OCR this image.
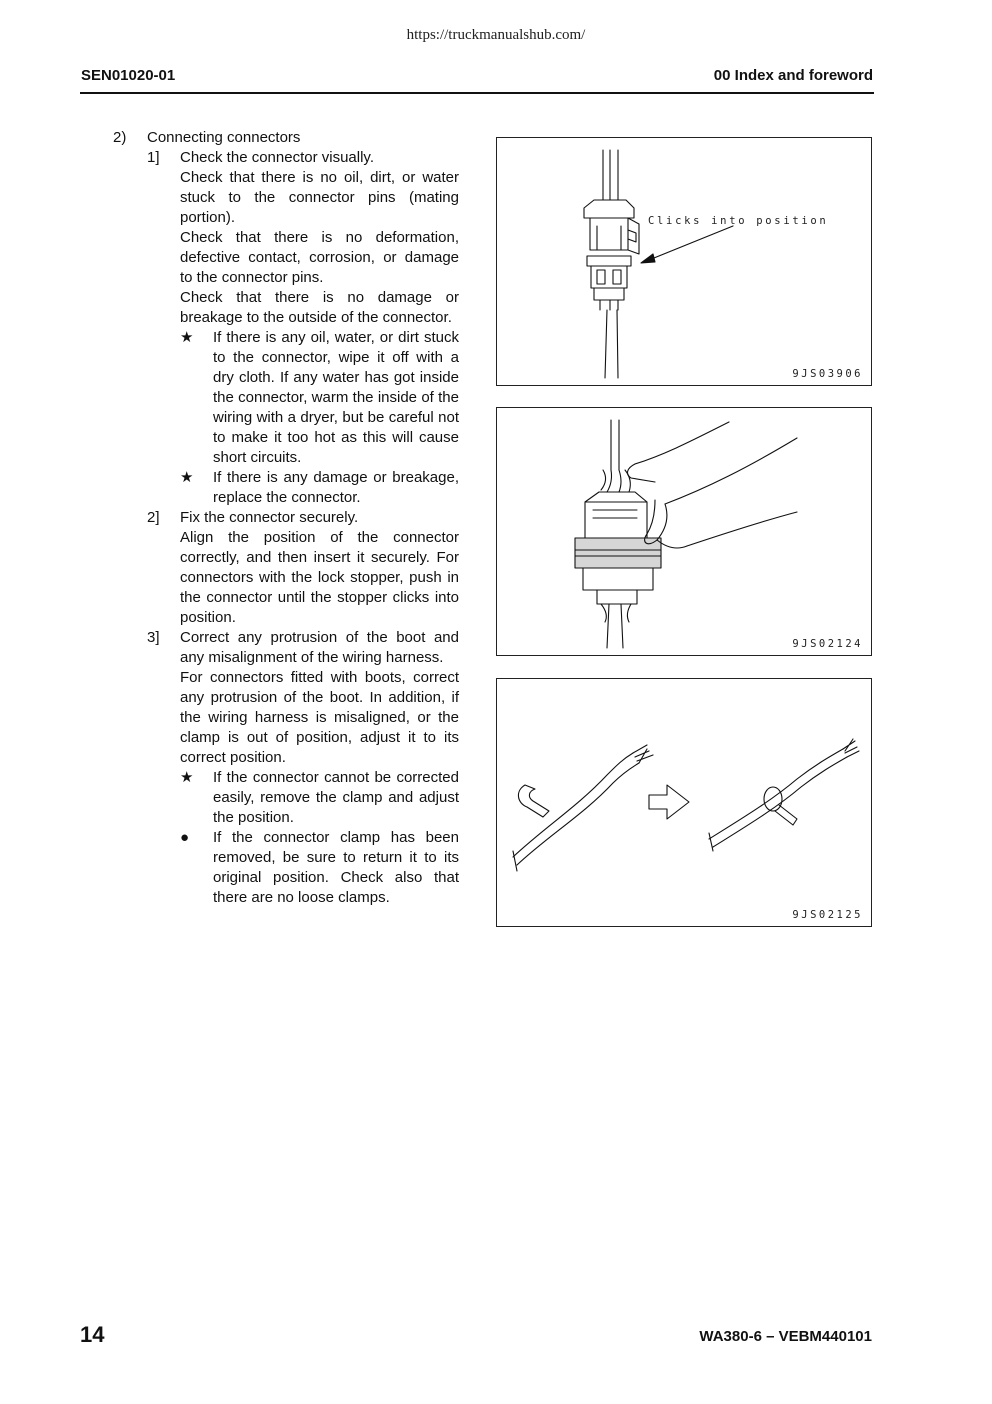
https://truckmanualshub.com/
SEN01020-01	00 Index and foreword
2) Connecting connectors
1] Check the connector visually.
Check that there is no oil, dirt, or water stuck to the connector pins (mating portion).
Check that there is no deformation, defective contact, corrosion, or damage to the connector pins.
Check that there is no damage or breakage to the outside of the connector.
★ If there is any oil, water, or dirt stuck to the connector, wipe it off with a dry cloth. If any water has got inside the connector, warm the inside of the wiring with a dryer, but be careful not to make it too hot as this will cause short circuits.
★ If there is any damage or breakage, replace the connector.
2] Fix the connector securely.
Align the position of the connector correctly, and then insert it securely. For connectors with the lock stopper, push in the connector until the stopper clicks into position.
3] Correct any protrusion of the boot and any misalignment of the wiring harness.
For connectors fitted with boots, correct any protrusion of the boot. In addition, if the wiring harness is misaligned, or the clamp is out of position, adjust it to its correct position.
★ If the connector cannot be corrected easily, remove the clamp and adjust the position.
● If the connector clamp has been removed, be sure to return it to its original position. Check also that there are no loose clamps.
Clicks into position
9JS03906
9JS02124
9JS02125
14	WA380-6 – VEBM440101
